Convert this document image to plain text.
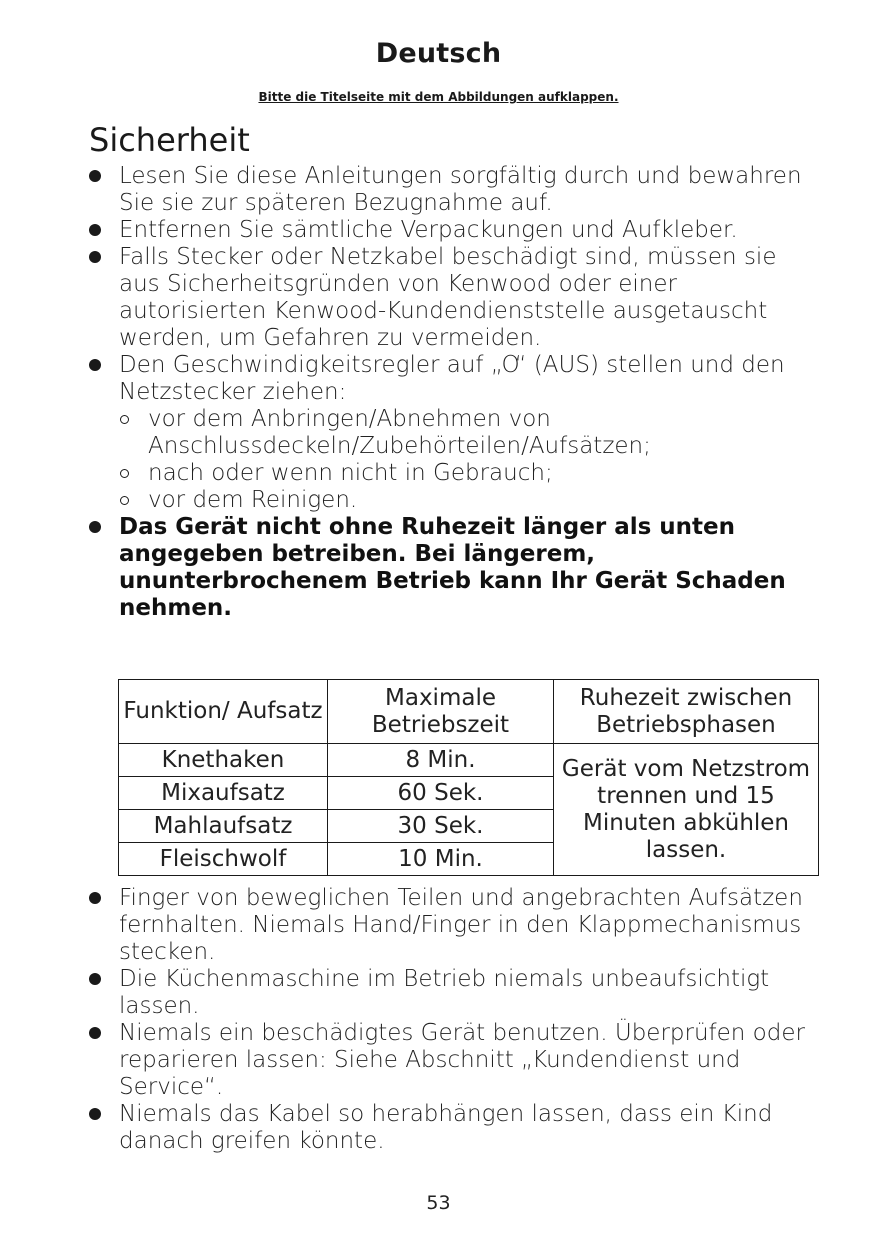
Deutsch
Bitte die Titelseite mit dem Abbildungen aufklappen.
Sicherheit
Lesen Sie diese Anleitungen sorgfältig durch und bewahren Sie sie zur späteren Bezugnahme auf.
Entfernen Sie sämtliche Verpackungen und Aufkleber.
Falls Stecker oder Netzkabel beschädigt sind, müssen sie aus Sicherheitsgründen von Kenwood oder einer autorisierten Kenwood-Kundendienststelle ausgetauscht werden, um Gefahren zu vermeiden.
Den Geschwindigkeitsregler auf „O“ (AUS) stellen und den Netzstecker ziehen:
vor dem Anbringen/Abnehmen von Anschlussdeckeln/Zubehörteilen/Aufsätzen;
nach oder wenn nicht in Gebrauch;
vor dem Reinigen.
Das Gerät nicht ohne Ruhezeit länger als unten angegeben betreiben. Bei längerem, ununterbrochenem Betrieb kann Ihr Gerät Schaden nehmen.
Funktion/ Aufsatz	Maximale Betriebszeit	Ruhezeit zwischen Betriebsphasen
Knethaken	8 Min.	Gerät vom Netzstrom trennen und 15 Minuten abkühlen lassen.
Mixaufsatz	60 Sek.	
Mahlaufsatz	30 Sek.	
Fleischwolf	10 Min.	
Finger von beweglichen Teilen und angebrachten Aufsätzen fernhalten. Niemals Hand/Finger in den Klappmechanismus stecken.
Die Küchenmaschine im Betrieb niemals unbeaufsichtigt lassen.
Niemals ein beschädigtes Gerät benutzen. Überprüfen oder reparieren lassen: Siehe Abschnitt „Kundendienst und Service“.
Niemals das Kabel so herabhängen lassen, dass ein Kind danach greifen könnte.
53
